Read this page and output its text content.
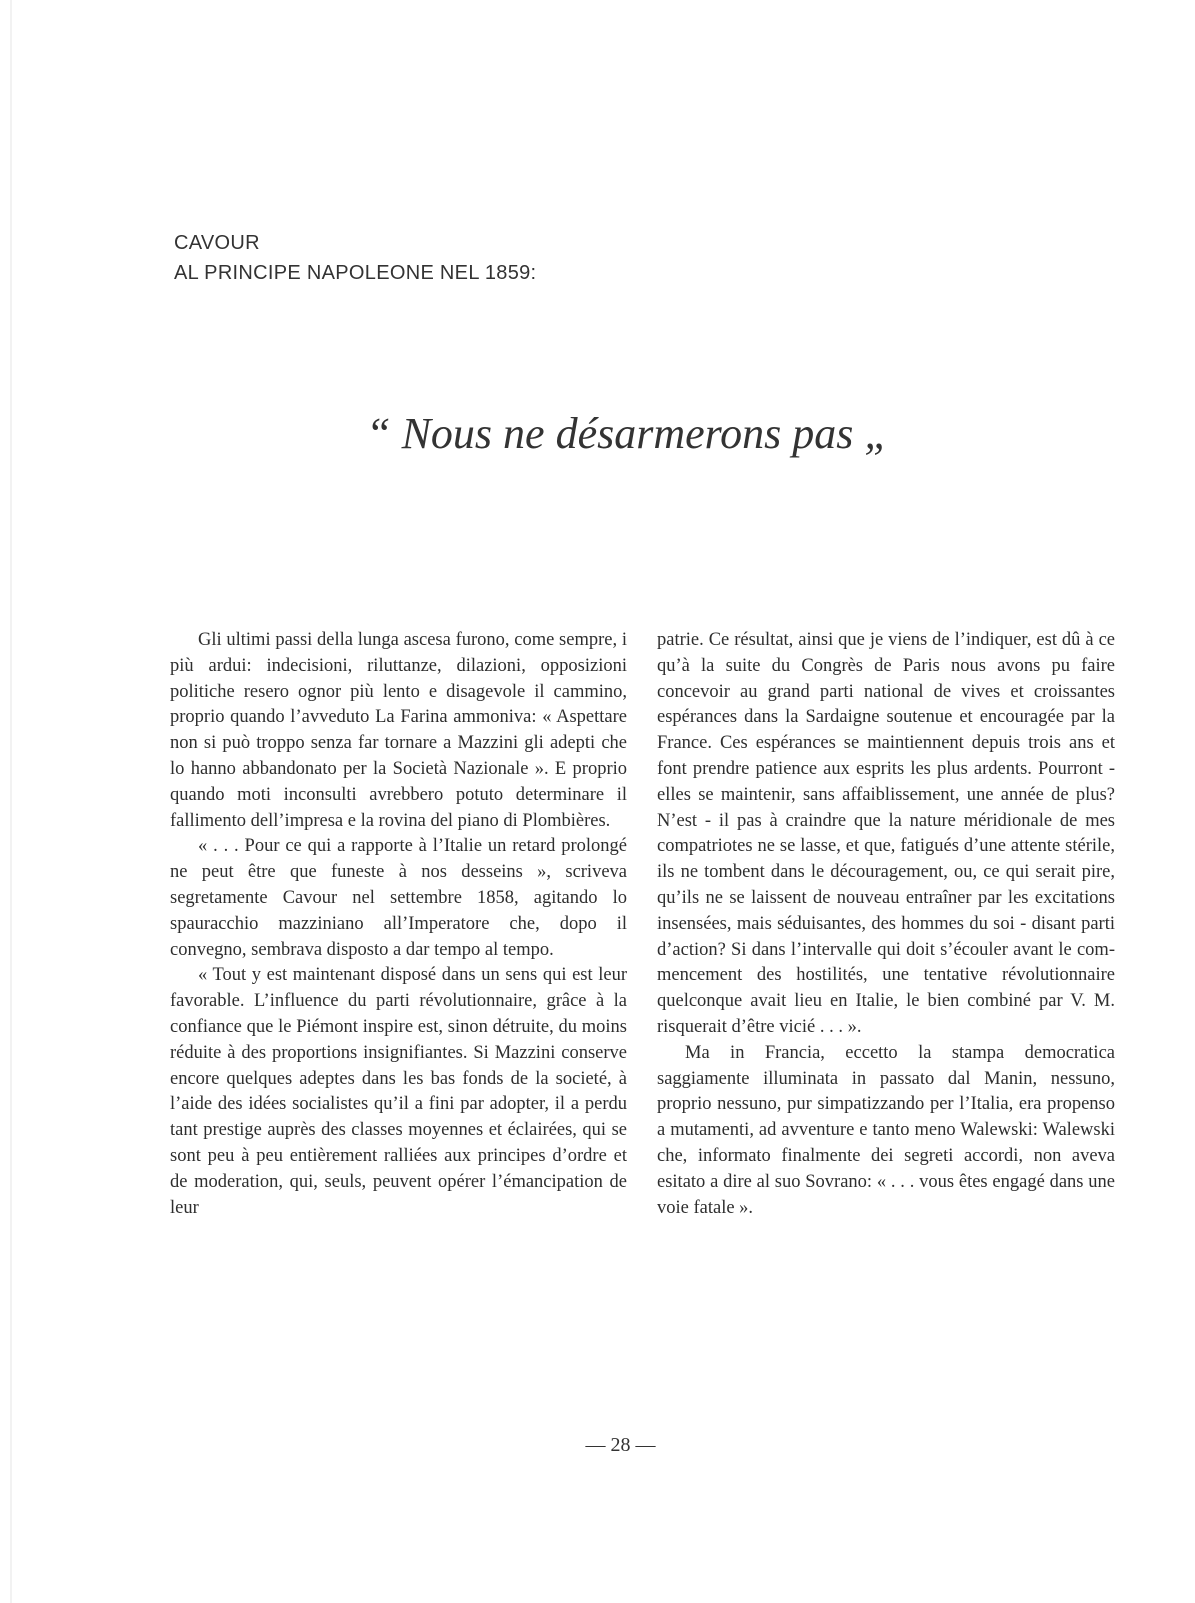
CAVOUR
AL PRINCIPE NAPOLEONE NEL 1859:
“ Nous ne désarmerons pas „

Gli ultimi passi della lunga ascesa furono, come sempre, i più ardui: indecisioni, riluttanze, dilazioni, opposizioni politiche resero ognor più lento e disagevole il cammino, proprio quando l’avveduto La Farina ammoniva: « Aspettare non si può troppo senza far tornare a Mazzini gli adepti che lo hanno abbandonato per la Società Nazionale ». E proprio quando moti inconsulti avrebbero potuto determinare il fallimento dell’impresa e la rovina del piano di Plombières.

« . . . Pour ce qui a rapporte à l’Italie un retard prolongé ne peut être que funeste à nos desseins », scriveva segretamente Cavour nel settembre 1858, agitando lo spauracchio mazziniano all’Imperatore che, dopo il convegno, sembrava disposto a dar tempo al tempo.

« Tout y est maintenant disposé dans un sens qui est leur favorable. L’influence du parti révolutionnaire, grâce à la confiance que le Piémont inspire est, sinon détruite, du moins réduite à des proportions insignifiantes. Si Mazzini conserve encore quelques adeptes dans les bas fonds de la societé, à l’aide des idées socialistes qu’il a fini par adopter, il a perdu tant prestige auprès des classes moyennes et éclairées, qui se sont peu à peu entièrement ralliées aux principes d’ordre et de moderation, qui, seuls, peuvent opérer l’émancipation de leur

patrie. Ce résultat, ainsi que je viens de l’indiquer, est dû à ce qu’à la suite du Congrès de Paris nous avons pu faire concevoir au grand parti national de vives et croissantes espérances dans la Sardaigne soutenue et encouragée par la France. Ces espérances se maintiennent depuis trois ans et font prendre patience aux esprits les plus ardents. Pourront - elles se maintenir, sans affaiblissement, une année de plus? N’est - il pas à craindre que la nature méridionale de mes compatriotes ne se lasse, et que, fatigués d’une attente stérile, ils ne tombent dans le découragement, ou, ce qui serait pire, qu’ils ne se laissent de nouveau entraîner par les excitations insensées, mais séduisantes, des hommes du soi - disant parti d’action? Si dans l’intervalle qui doit s’écouler avant le commencement des hostilités, une tentative révolutionnaire quelconque avait lieu en Italie, le bien combiné par V. M. risquerait d’être vicié . . . ».

Ma in Francia, eccetto la stampa democratica saggiamente illuminata in passato dal Manin, nessuno, proprio nessuno, pur simpatizzando per l’Italia, era propenso a mutamenti, ad avventure e tanto meno Walewski: Walewski che, informato finalmente dei segreti accordi, non aveva esitato a dire al suo Sovrano: « . . . vous êtes engagé dans une voie fatale ».

— 28 —
